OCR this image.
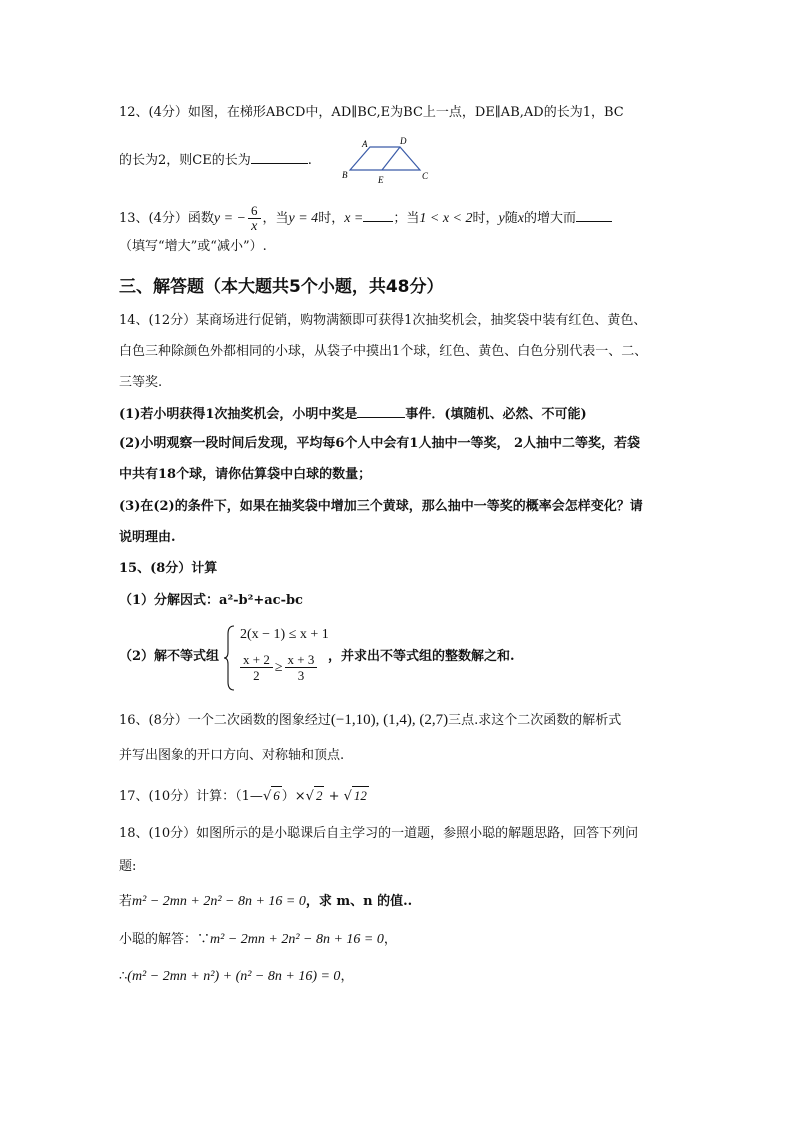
12、(4分）如图，在梯形ABCD中，AD∥BC,E为BC上一点，DE∥AB,AD的长为1，BC
的长为2，则CE的长为	.
A	D
B	E	C
13、(4分）函数y = − $\frac{6}{x}$ ，当y = 4时，x = ；当1 < x < 2时，y随x的增大而
（填写“增大”或“减小”）.
三、解答题（本大题共5个小题，共48分）
14、(12分）某商场进行促销，购物满额即可获得1次抽奖机会，抽奖袋中装有红色、黄色、
白色三种除颜色外都相同的小球，从袋子中摸出1个球，红色、黄色、白色分别代表一、二、
三等奖.
(1)若小明获得1次抽奖机会，小明中奖是	事件．(填随机、必然、不可能)
(2)小明观察一段时间后发现，平均每6个人中会有1人抽中一等奖， 2人抽中二等奖，若袋
中共有18个球，请你估算袋中白球的数量；
(3)在(2)的条件下，如果在抽奖袋中增加三个黄球，那么抽中一等奖的概率会怎样变化？请
说明理由.
15、(8分）计算
（1）分解因式：a²-b²+ac-bc
（2）解不等式组
2(x − 1) ≤ x + 1
$\frac{x + 2}{2} \ge \frac{x + 3}{3}$ ，并求出不等式组的整数解之和.
16、(8分）一个二次函数的图象经过(−1,10), (1,4), (2,7)三点.求这个二次函数的解析式
并写出图象的开口方向、对称轴和顶点.
17、(10分）计算：（1—√ 6 ）×√ 2 + √ 12
18、(10分）如图所示的是小聪课后自主学习的一道题，参照小聪的解题思路，回答下列问
题:
若m² − 2mn + 2n² − 8n + 16 = 0，求 m、n 的值..
小聪的解答：∵m² − 2mn + 2n² − 8n + 16 = 0，
∴(m² − 2mn + n²) + (n² − 8n + 16) = 0，
